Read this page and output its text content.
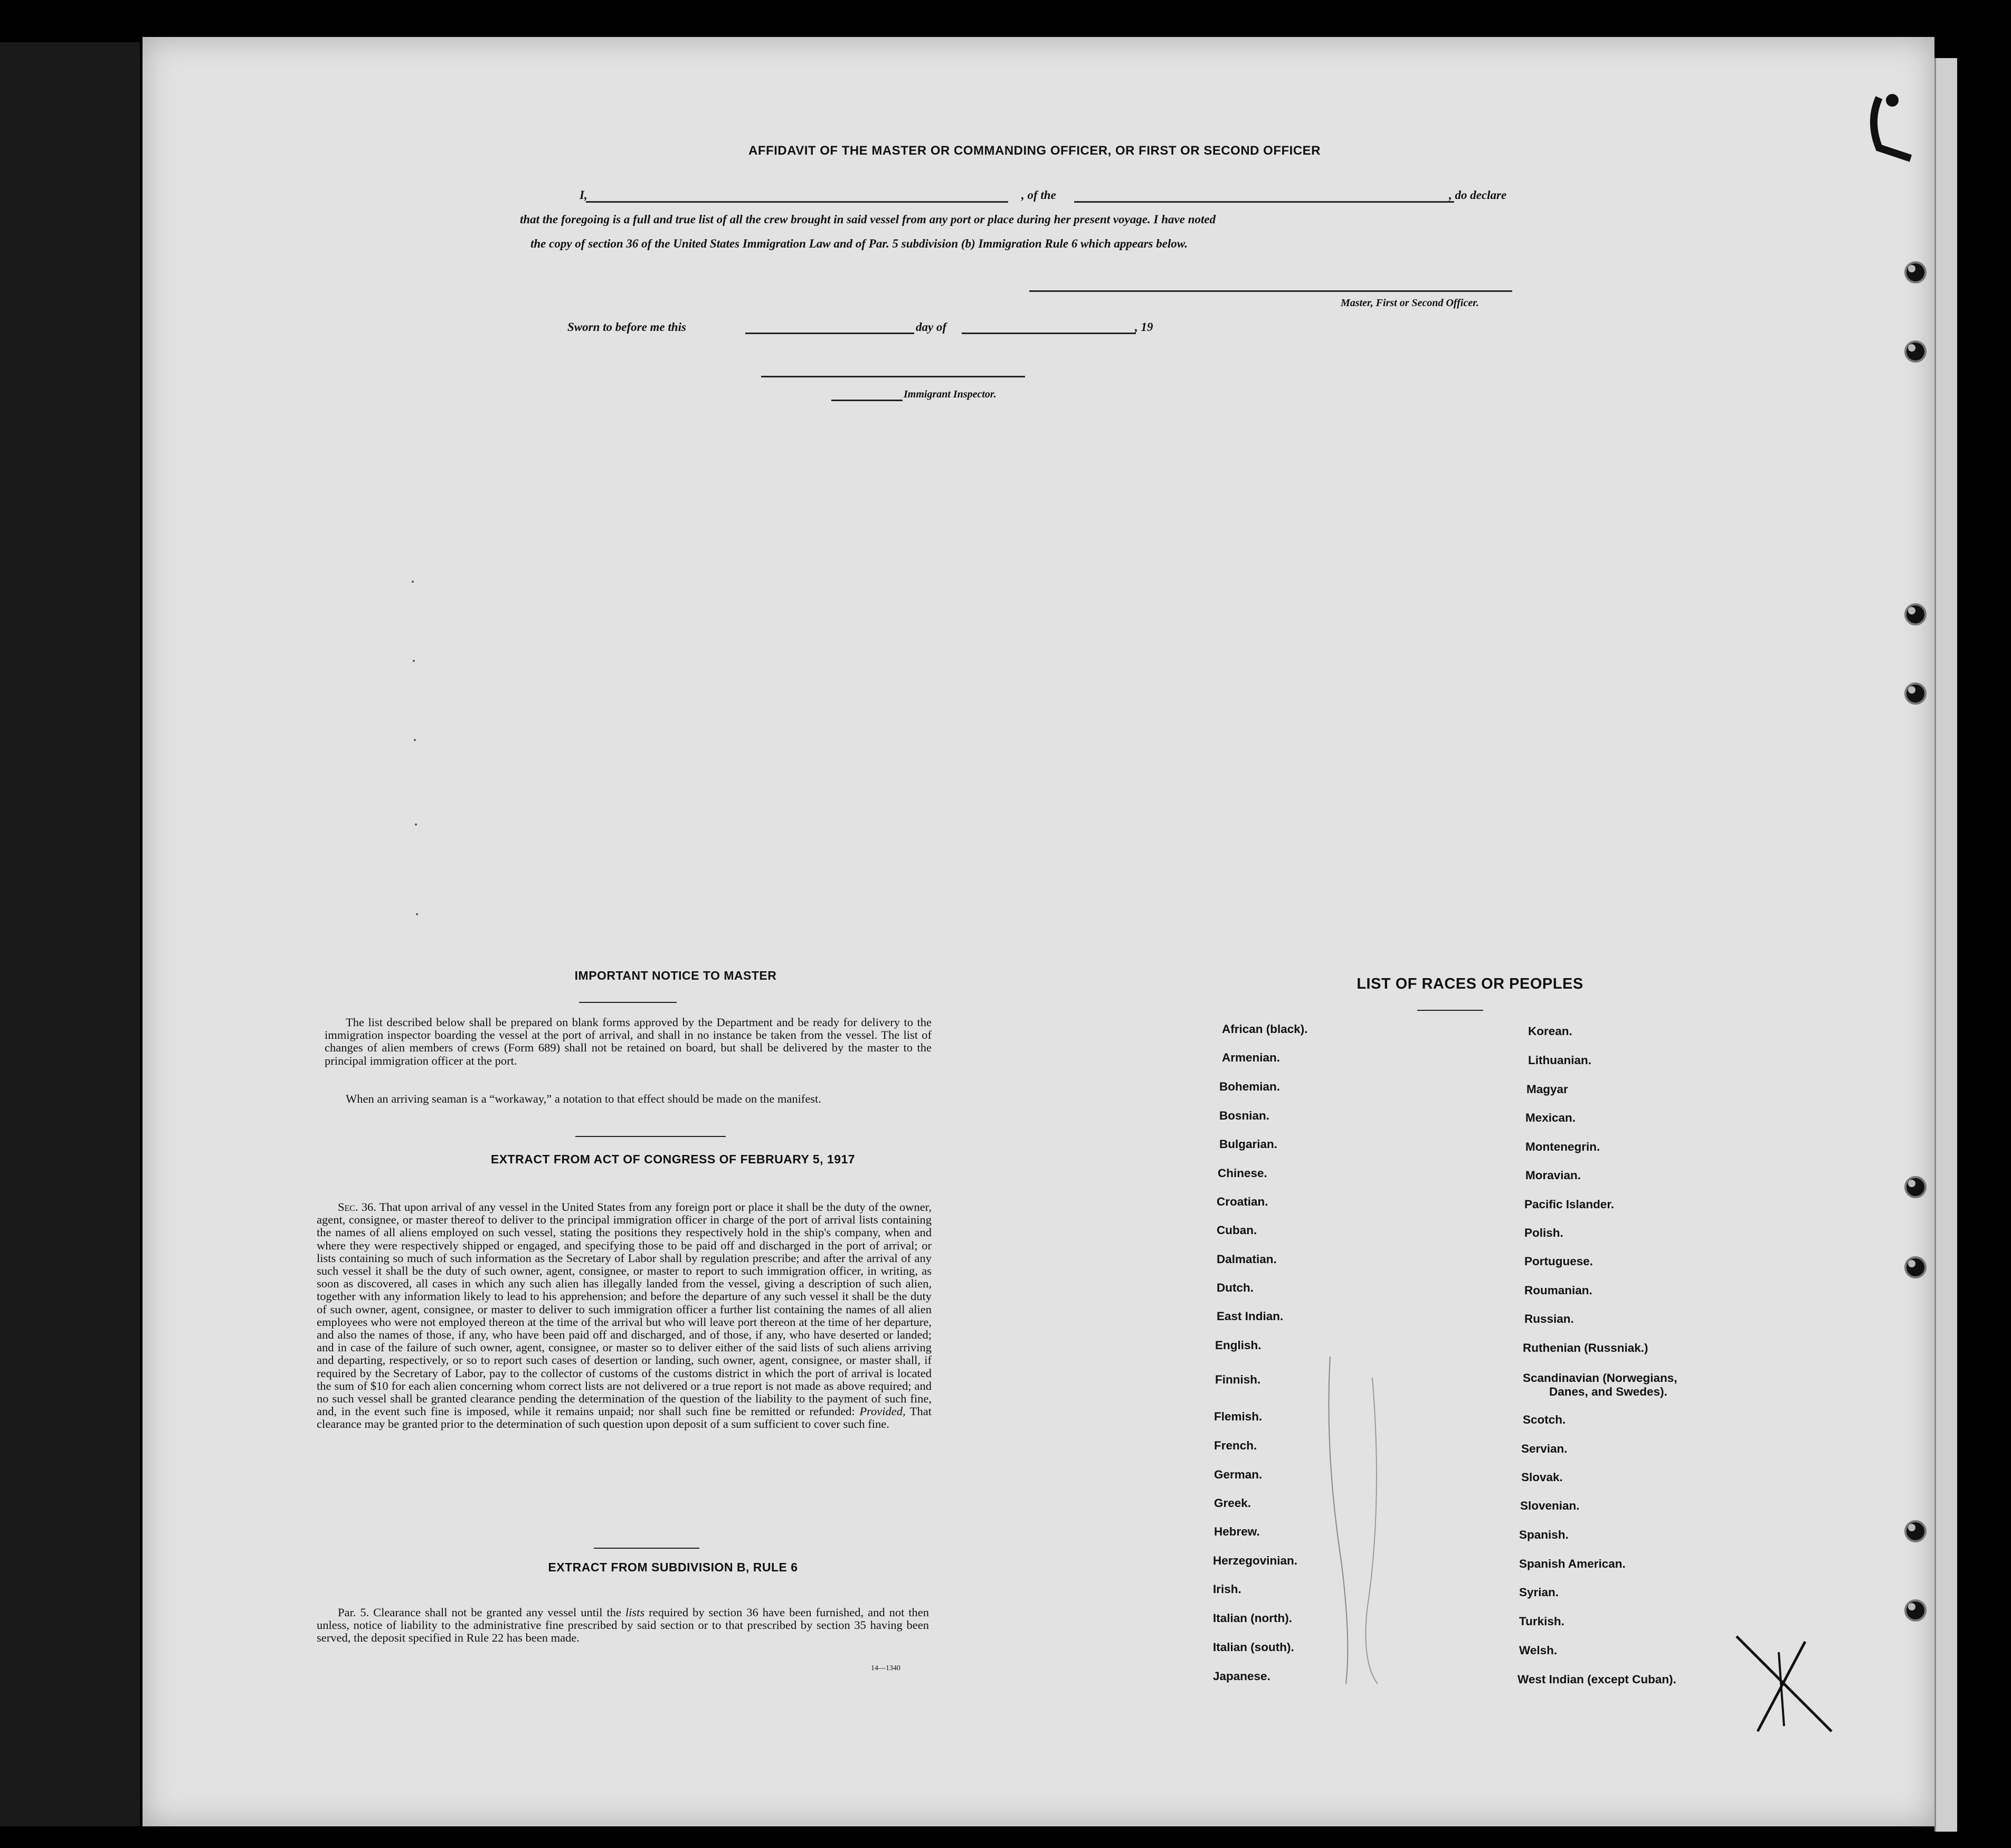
AFFIDAVIT OF THE MASTER OR COMMANDING OFFICER, OR FIRST OR SECOND OFFICER
I,	, of the	, do declare
that the foregoing is a full and true list of all the crew brought in said vessel from any port or place during her present voyage. I have noted
the copy of section 36 of the United States Immigration Law and of Par. 5 subdivision (b) Immigration Rule 6 which appears below.
Master, First or Second Officer.
Sworn to before me this	day of	, 19
Immigrant Inspector.
IMPORTANT NOTICE TO MASTER
The list described below shall be prepared on blank forms approved by the Department and be ready for delivery to the immigration inspector boarding the vessel at the port of arrival, and shall in no instance be taken from the vessel. The list of changes of alien members of crews (Form 689) shall not be retained on board, but shall be delivered by the master to the principal immigration officer at the port.
When an arriving seaman is a “workaway,” a notation to that effect should be made on the manifest.
EXTRACT FROM ACT OF CONGRESS OF FEBRUARY 5, 1917
Sec. 36. That upon arrival of any vessel in the United States from any foreign port or place it shall be the duty of the owner, agent, consignee, or master thereof to deliver to the principal immigration officer in charge of the port of arrival lists containing the names of all aliens employed on such vessel, stating the positions they respectively hold in the ship's company, when and where they were respectively shipped or engaged, and specifying those to be paid off and discharged in the port of arrival; or lists containing so much of such information as the Secretary of Labor shall by regulation prescribe; and after the arrival of any such vessel it shall be the duty of such owner, agent, consignee, or master to report to such immigration officer, in writing, as soon as discovered, all cases in which any such alien has illegally landed from the vessel, giving a description of such alien, together with any information likely to lead to his apprehension; and before the departure of any such vessel it shall be the duty of such owner, agent, consignee, or master to deliver to such immigration officer a further list containing the names of all alien employees who were not employed thereon at the time of the arrival but who will leave port thereon at the time of her departure, and also the names of those, if any, who have been paid off and discharged, and of those, if any, who have deserted or landed; and in case of the failure of such owner, agent, consignee, or master so to deliver either of the said lists of such aliens arriving and departing, respectively, or so to report such cases of desertion or landing, such owner, agent, consignee, or master shall, if required by the Secretary of Labor, pay to the collector of customs of the customs district in which the port of arrival is located the sum of $10 for each alien concerning whom correct lists are not delivered or a true report is not made as above required; and no such vessel shall be granted clearance pending the determination of the question of the liability to the payment of such fine, and, in the event such fine is imposed, while it remains unpaid; nor shall such fine be remitted or refunded: Provided, That clearance may be granted prior to the determination of such question upon deposit of a sum sufficient to cover such fine.
EXTRACT FROM SUBDIVISION B, RULE 6
Par. 5. Clearance shall not be granted any vessel until the lists required by section 36 have been furnished, and not then unless, notice of liability to the administrative fine prescribed by said section or to that prescribed by section 35 having been served, the deposit specified in Rule 22 has been made.
14—1340
LIST OF RACES OR PEOPLES
African (black).
Armenian.
Bohemian.
Bosnian.
Bulgarian.
Chinese.
Croatian.
Cuban.
Dalmatian.
Dutch.
East Indian.
English.
Finnish.
Flemish.
French.
German.
Greek.
Hebrew.
Herzegovinian.
Irish.
Italian (north).
Italian (south).
Japanese.
Korean.
Lithuanian.
Magyar
Mexican.
Montenegrin.
Moravian.
Pacific Islander.
Polish.
Portuguese.
Roumanian.
Russian.
Ruthenian (Russniak.)
Scandinavian (Norwegians,
Danes, and Swedes).
Scotch.
Servian.
Slovak.
Slovenian.
Spanish.
Spanish American.
Syrian.
Turkish.
Welsh.
West Indian (except Cuban).
